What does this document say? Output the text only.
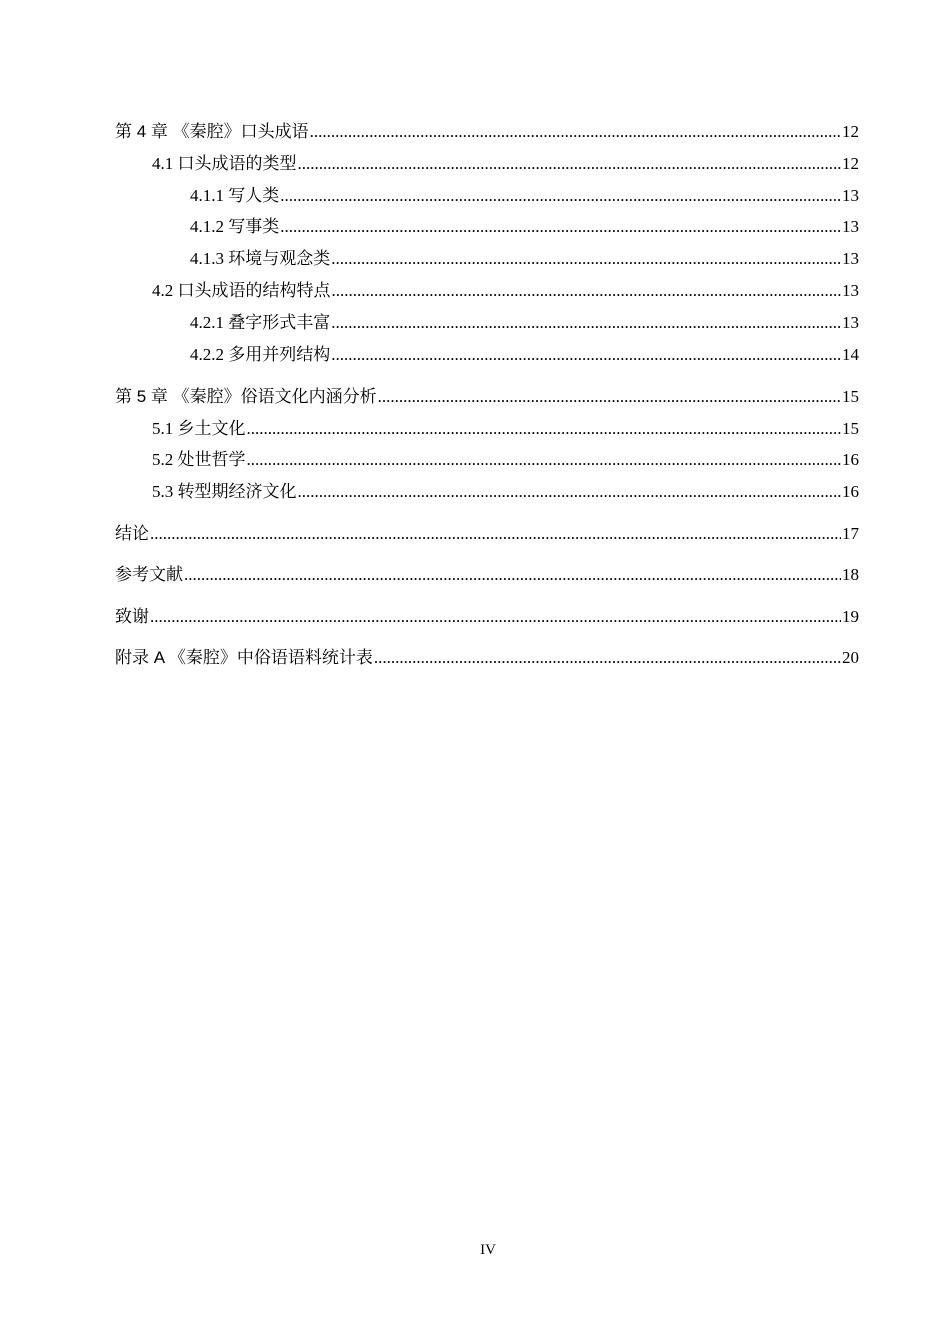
第 4 章 《秦腔》口头成语 .....	12
4.1 口头成语的类型 .....	12
4.1.1 写人类 .....	13
4.1.2 写事类 .....	13
4.1.3 环境与观念类 .....	13
4.2 口头成语的结构特点 .....	13
4.2.1 叠字形式丰富 .....	13
4.2.2 多用并列结构 .....	14
第 5 章 《秦腔》俗语文化内涵分析 .....	15
5.1 乡土文化 .....	15
5.2 处世哲学 .....	16
5.3 转型期经济文化 .....	16
结论 .....	17
参考文献 .....	18
致谢 .....	19
附录 A 《秦腔》中俗语语料统计表 .....	20
IV
